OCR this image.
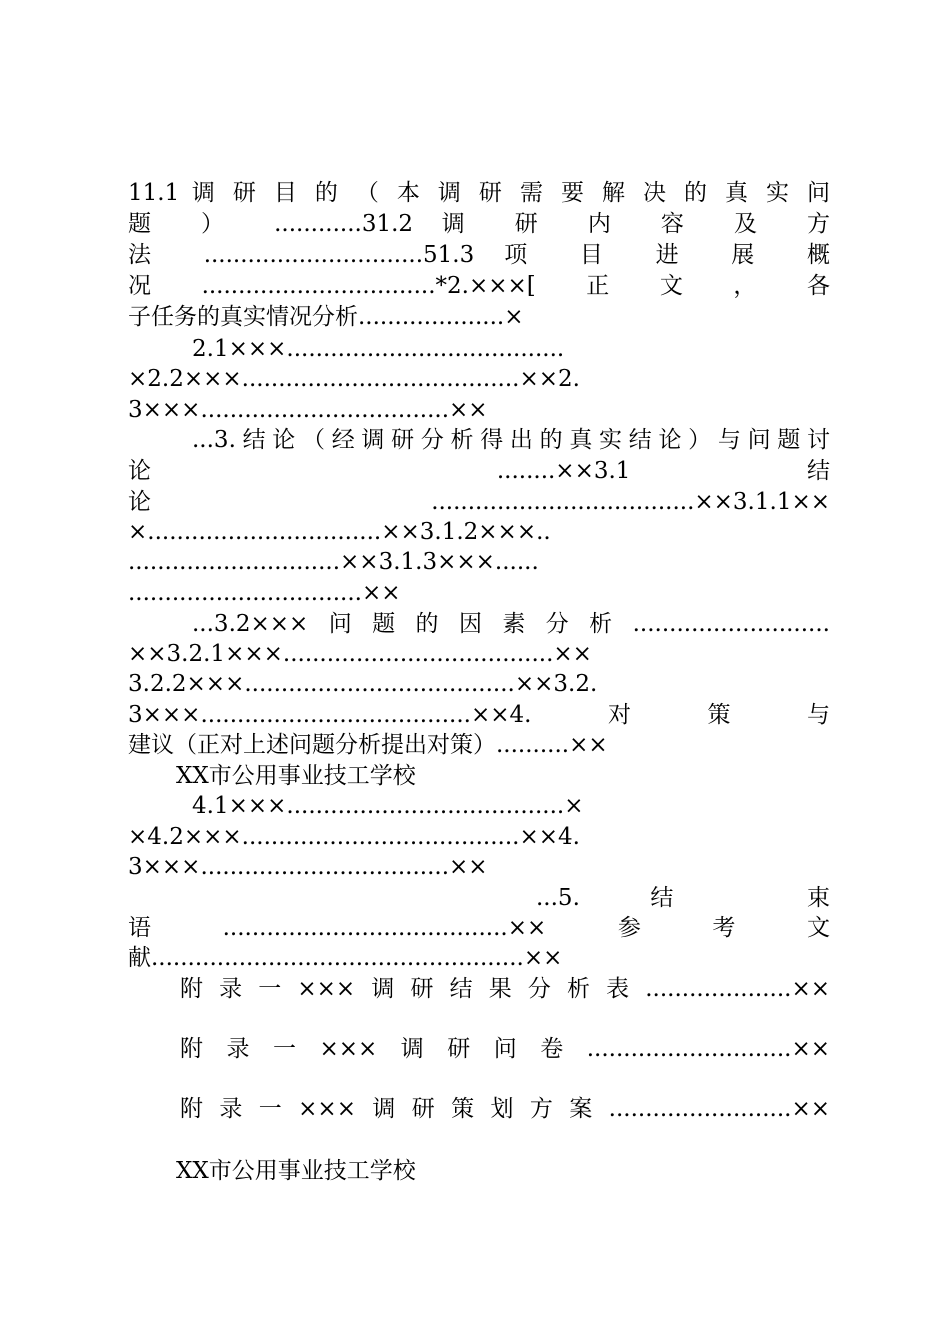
11.1 调 研 目 的 （ 本 调 研 需 要 解 决 的 真 实 问
题 ） ............31.2 调 研 内 容 及 方
法 ..............................51.3 项 目 进 展 概
况................................*2.×××[正文，各
子任务的真实情况分析....................×
2.1×××......................................
×2.2×××......................................××2.
3×××..................................××
...3.结论（经调研分析得出的真实结论）与问题讨
论 ........××3.1 结
论....................................××3.1.1××
×................................××3.1.2×××..
.............................××3.1.3×××......
................................××
...3.2×××问题的因素分析...........................
××3.2.1×××.....................................××
3.2.2×××.....................................××3.2.
3×××.....................................××4.对策与
建议（正对上述问题分析提出对策）..........××
XX市公用事业技工学校
4.1×××......................................×
×4.2×××......................................××4.
3×××..................................××
...5. 结 束
语.......................................××参考文
献...................................................××
附录一×××调研结果分析表....................××
附录一×××调研问卷............................××
附录一×××调研策划方案.........................××
XX市公用事业技工学校
